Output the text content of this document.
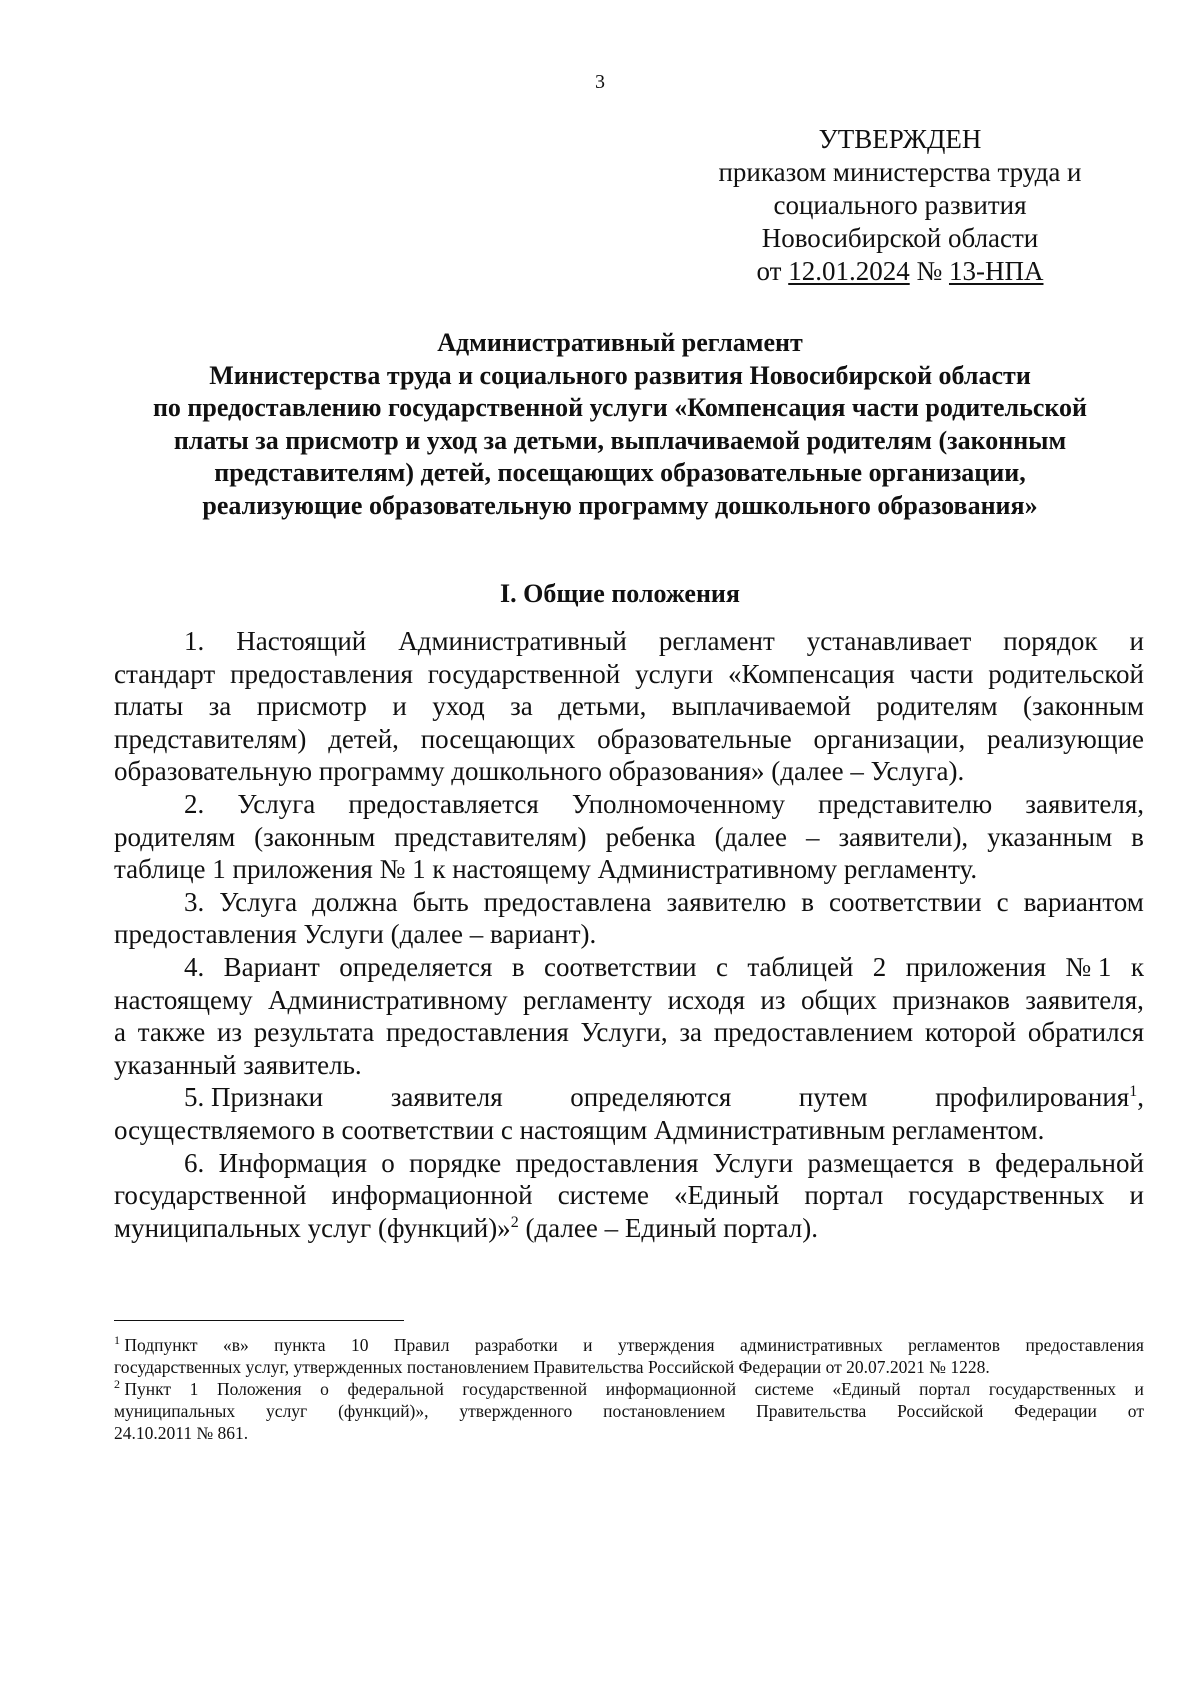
3
УТВЕРЖДЕН
приказом министерства труда и
социального развития
Новосибирской области
от 12.01.2024 № 13-НПА
Административный регламент
Министерства труда и социального развития Новосибирской области
по предоставлению государственной услуги «Компенсация части родительской
платы за присмотр и уход за детьми, выплачиваемой родителям (законным
представителям) детей, посещающих образовательные организации,
реализующие образовательную программу дошкольного образования»
I. Общие положения
1. Настоящий Административный регламент устанавливает порядок и
стандарт предоставления государственной услуги «Компенсация части родительской
платы за присмотр и уход за детьми, выплачиваемой родителям (законным
представителям) детей, посещающих образовательные организации, реализующие
образовательную программу дошкольного образования» (далее – Услуга).
2. Услуга предоставляется Уполномоченному представителю заявителя,
родителям (законным представителям) ребенка (далее – заявители), указанным в
таблице 1 приложения № 1 к настоящему Административному регламенту.
3. Услуга должна быть предоставлена заявителю в соответствии с вариантом
предоставления Услуги (далее – вариант).
4. Вариант определяется в соответствии с таблицей 2 приложения № 1 к
настоящему Административному регламенту исходя из общих признаков заявителя,
а также из результата предоставления Услуги, за предоставлением которой обратился
указанный заявитель.
5. Признаки	заявителя	определяются	путем	профилирования$^1$,
осуществляемого в соответствии с настоящим Административным регламентом.
6. Информация о порядке предоставления Услуги размещается в федеральной
государственной информационной системе «Единый портал государственных и
муниципальных услуг (функций)»$^2$ (далее – Единый портал).
$^1$ Подпункт «в» пункта 10 Правил разработки и утверждения административных регламентов предоставления
государственных услуг, утвержденных постановлением Правительства Российской Федерации от 20.07.2021 № 1228.
$^2$ Пункт 1 Положения о федеральной государственной информационной системе «Единый портал государственных и
муниципальных услуг (функций)», утвержденного постановлением Правительства Российской Федерации от
24.10.2011 № 861.
